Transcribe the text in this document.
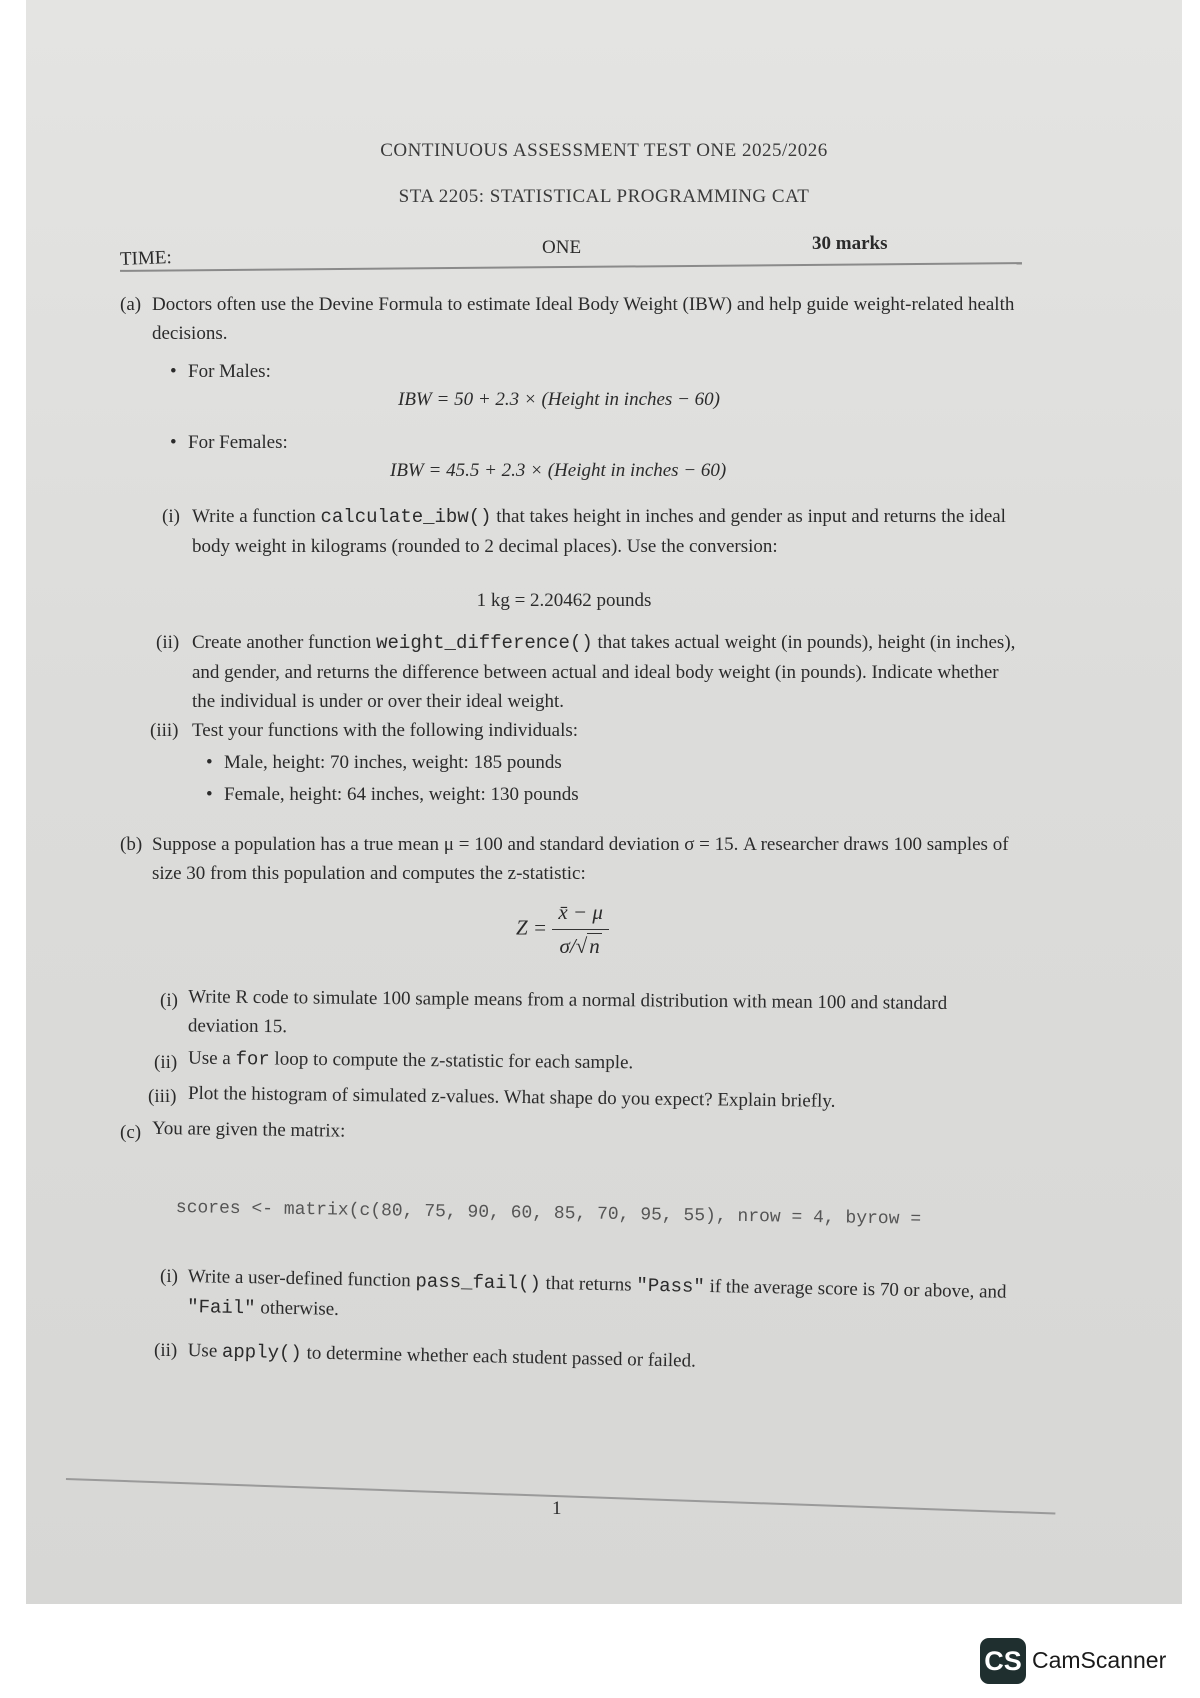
CONTINUOUS ASSESSMENT TEST ONE 2025/2026
STA 2205: STATISTICAL PROGRAMMING CAT
TIME:	ONE	30 marks
(a) Doctors often use the Devine Formula to estimate Ideal Body Weight (IBW) and help guide weight-related health decisions.
• For Males:
IBW = 50 + 2.3 × (Height in inches − 60)
• For Females:
IBW = 45.5 + 2.3 × (Height in inches − 60)
(i) Write a function calculate_ibw() that takes height in inches and gender as input and returns the ideal body weight in kilograms (rounded to 2 decimal places). Use the conversion:
1 kg = 2.20462 pounds
(ii) Create another function weight_difference() that takes actual weight (in pounds), height (in inches), and gender, and returns the difference between actual and ideal body weight (in pounds). Indicate whether the individual is under or over their ideal weight.
(iii) Test your functions with the following individuals:
• Male, height: 70 inches, weight: 185 pounds
• Female, height: 64 inches, weight: 130 pounds
(b) Suppose a population has a true mean μ = 100 and standard deviation σ = 15. A researcher draws 100 samples of size 30 from this population and computes the z-statistic:
$Z = \frac{x̄ - \mu}{\sigma/√n}$
(i) Write R code to simulate 100 sample means from a normal distribution with mean 100 and standard deviation 15.
(ii) Use a for loop to compute the z-statistic for each sample.
(iii) Plot the histogram of simulated z-values. What shape do you expect? Explain briefly.
(c) You are given the matrix:
scores <- matrix(c(80, 75, 90, 60, 85, 70, 95, 55), nrow = 4, byrow =
(i) Write a user-defined function pass_fail() that returns "Pass" if the average score is 70 or above, and "Fail" otherwise.
(ii) Use apply() to determine whether each student passed or failed.
1
CS CamScanner
